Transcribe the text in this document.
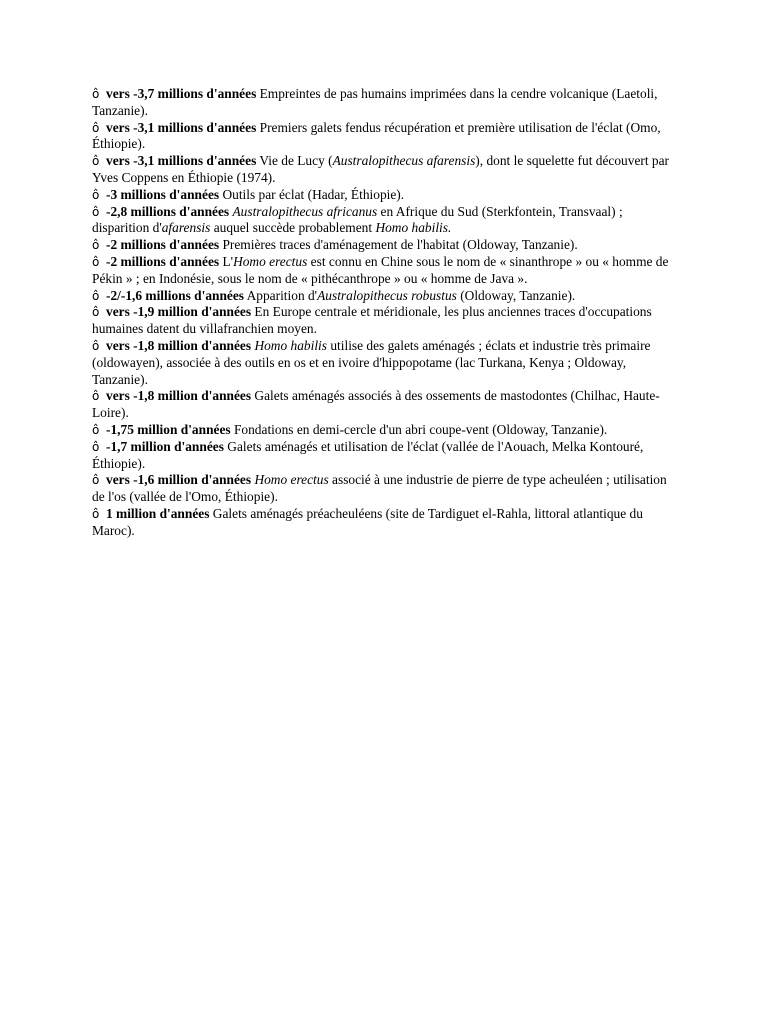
ô vers -3,7 millions d'années Empreintes de pas humains imprimées dans la cendre volcanique (Laetoli, Tanzanie).
ô vers -3,1 millions d'années Premiers galets fendus récupération et première utilisation de l'éclat (Omo, Éthiopie).
ô vers -3,1 millions d'années Vie de Lucy (Australopithecus afarensis), dont le squelette fut découvert par Yves Coppens en Éthiopie (1974).
ô -3 millions d'années Outils par éclat (Hadar, Éthiopie).
ô -2,8 millions d'années Australopithecus africanus en Afrique du Sud (Sterkfontein, Transvaal) ; disparition d'afarensis auquel succède probablement Homo habilis.
ô -2 millions d'années Premières traces d'aménagement de l'habitat (Oldoway, Tanzanie).
ô -2 millions d'années L'Homo erectus est connu en Chine sous le nom de « sinanthrope » ou « homme de Pékin » ; en Indonésie, sous le nom de « pithécanthrope » ou « homme de Java ».
ô -2/-1,6 millions d'années Apparition d'Australopithecus robustus (Oldoway, Tanzanie).
ô vers -1,9 million d'années En Europe centrale et méridionale, les plus anciennes traces d'occupations humaines datent du villafranchien moyen.
ô vers -1,8 million d'années Homo habilis utilise des galets aménagés ; éclats et industrie très primaire (oldowayen), associée à des outils en os et en ivoire d'hippopotame (lac Turkana, Kenya ; Oldoway, Tanzanie).
ô vers -1,8 million d'années Galets aménagés associés à des ossements de mastodontes (Chilhac, Haute-Loire).
ô -1,75 million d'années Fondations en demi-cercle d'un abri coupe-vent (Oldoway, Tanzanie).
ô -1,7 million d'années Galets aménagés et utilisation de l'éclat (vallée de l'Aouach, Melka Kontouré, Éthiopie).
ô vers -1,6 million d'années Homo erectus associé à une industrie de pierre de type acheuléen ; utilisation de l'os (vallée de l'Omo, Éthiopie).
ô 1 million d'années Galets aménagés préacheuléens (site de Tardiguet el-Rahla, littoral atlantique du Maroc).
